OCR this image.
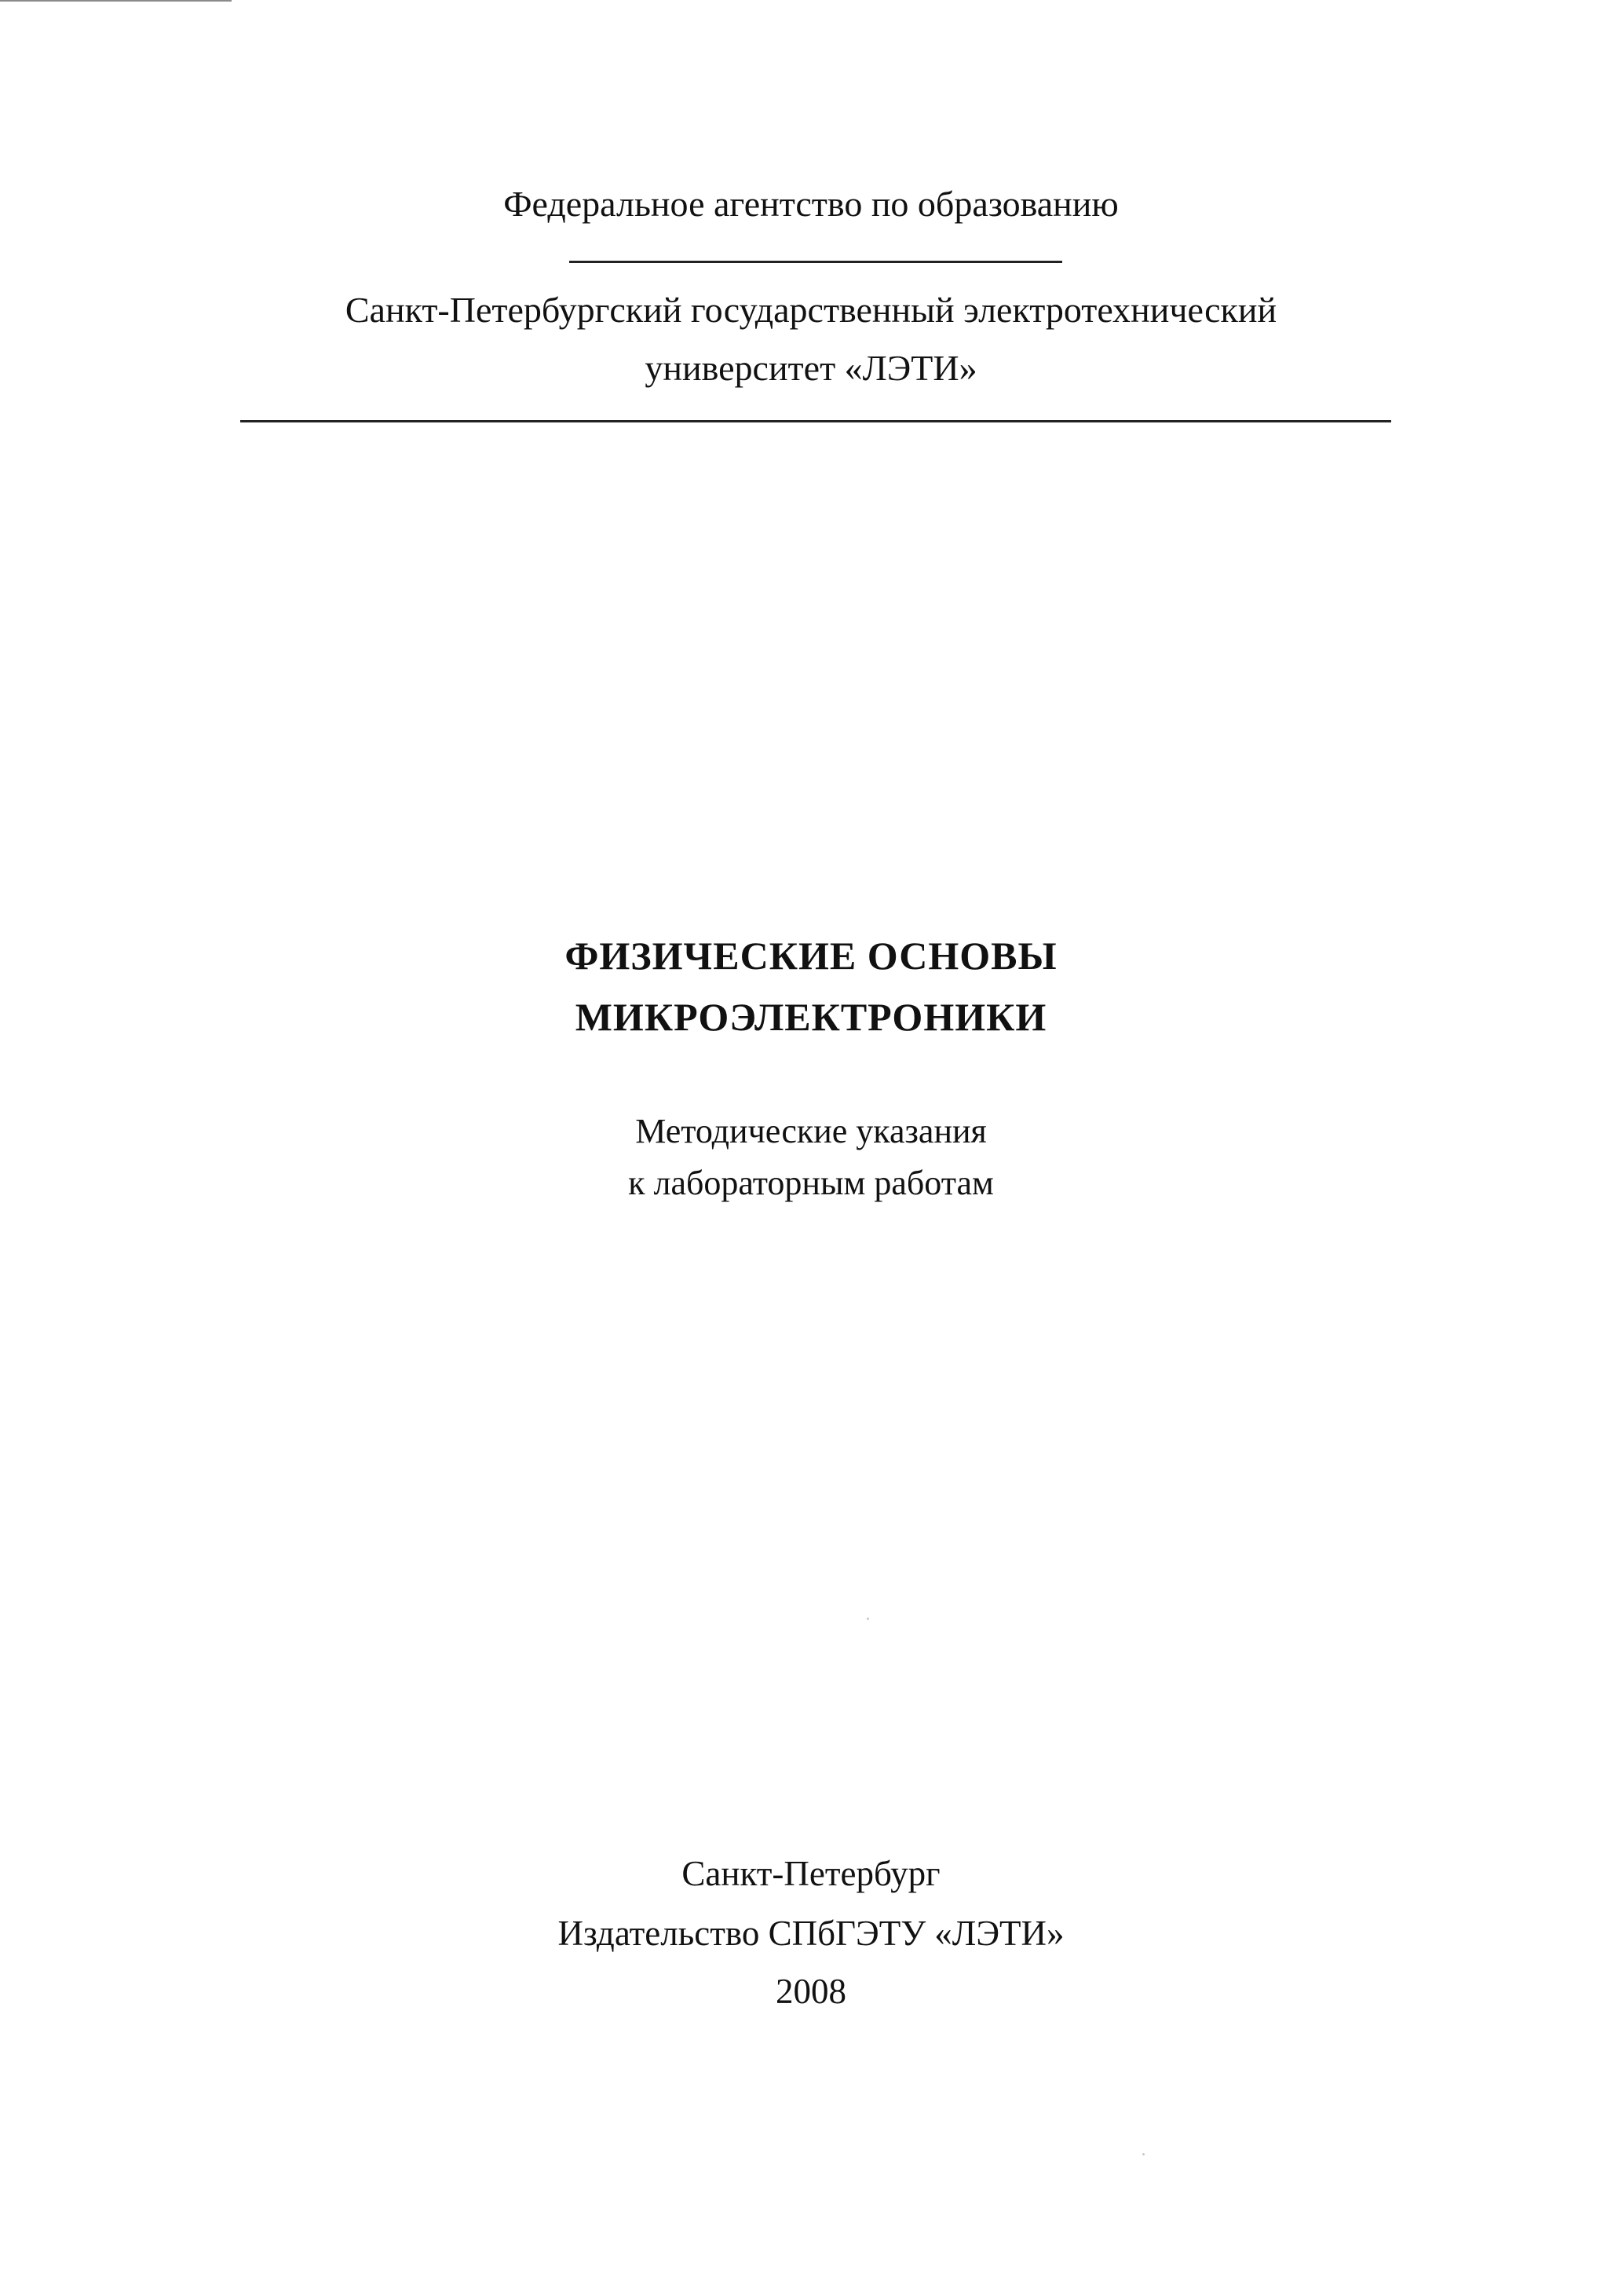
Федеральное агентство по образованию
Санкт-Петербургский государственный электротехнический
университет «ЛЭТИ»
ФИЗИЧЕСКИЕ ОСНОВЫ
МИКРОЭЛЕКТРОНИКИ
Методические указания
к лабораторным работам
Санкт-Петербург
Издательство СПбГЭТУ «ЛЭТИ»
2008
